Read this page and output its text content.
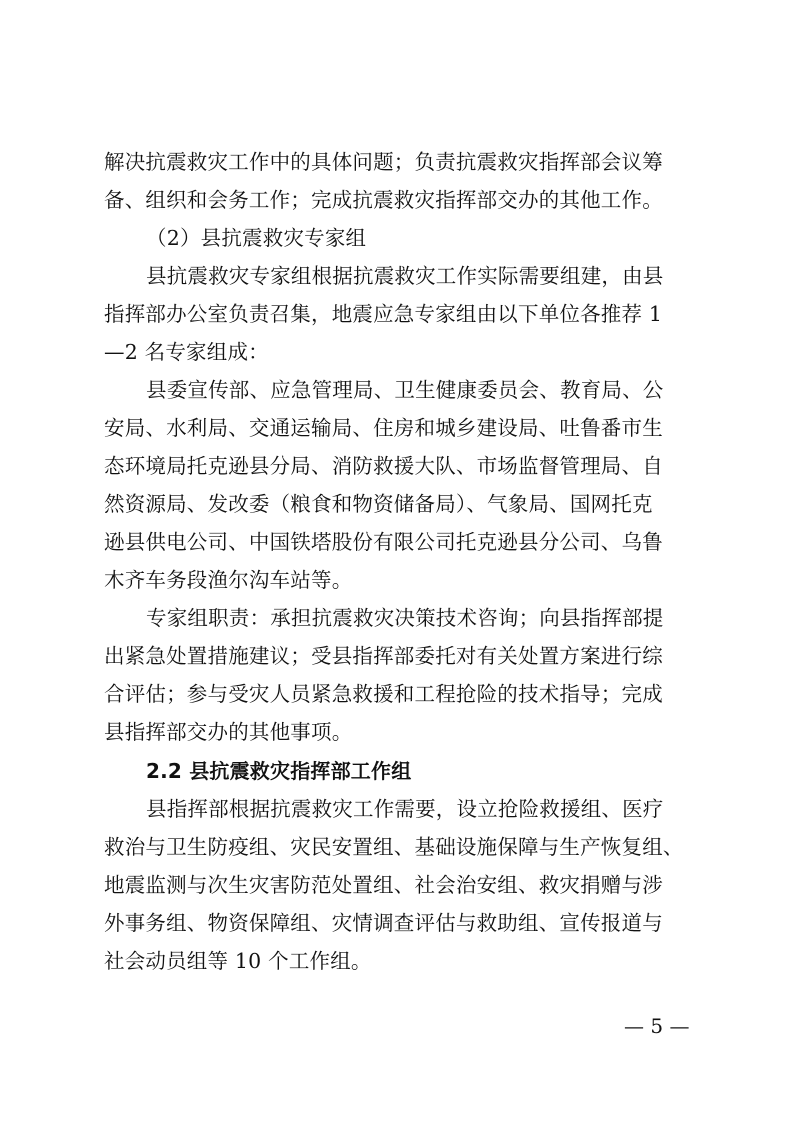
解决抗震救灾工作中的具体问题；负责抗震救灾指挥部会议筹
备、组织和会务工作；完成抗震救灾指挥部交办的其他工作。
（2）县抗震救灾专家组
县抗震救灾专家组根据抗震救灾工作实际需要组建，由县
指挥部办公室负责召集，地震应急专家组由以下单位各推荐 1
—2 名专家组成：
县委宣传部、应急管理局、卫生健康委员会、教育局、公
安局、水利局、交通运输局、住房和城乡建设局、吐鲁番市生
态环境局托克逊县分局、消防救援大队、市场监督管理局、自
然资源局、发改委（粮食和物资储备局）、气象局、国网托克
逊县供电公司、中国铁塔股份有限公司托克逊县分公司、乌鲁
木齐车务段渔尔沟车站等。
专家组职责：承担抗震救灾决策技术咨询；向县指挥部提
出紧急处置措施建议；受县指挥部委托对有关处置方案进行综
合评估；参与受灾人员紧急救援和工程抢险的技术指导；完成
县指挥部交办的其他事项。
2.2 县抗震救灾指挥部工作组
县指挥部根据抗震救灾工作需要，设立抢险救援组、医疗
救治与卫生防疫组、灾民安置组、基础设施保障与生产恢复组、
地震监测与次生灾害防范处置组、社会治安组、救灾捐赠与涉
外事务组、物资保障组、灾情调查评估与救助组、宣传报道与
社会动员组等 10 个工作组。
— 5 —
